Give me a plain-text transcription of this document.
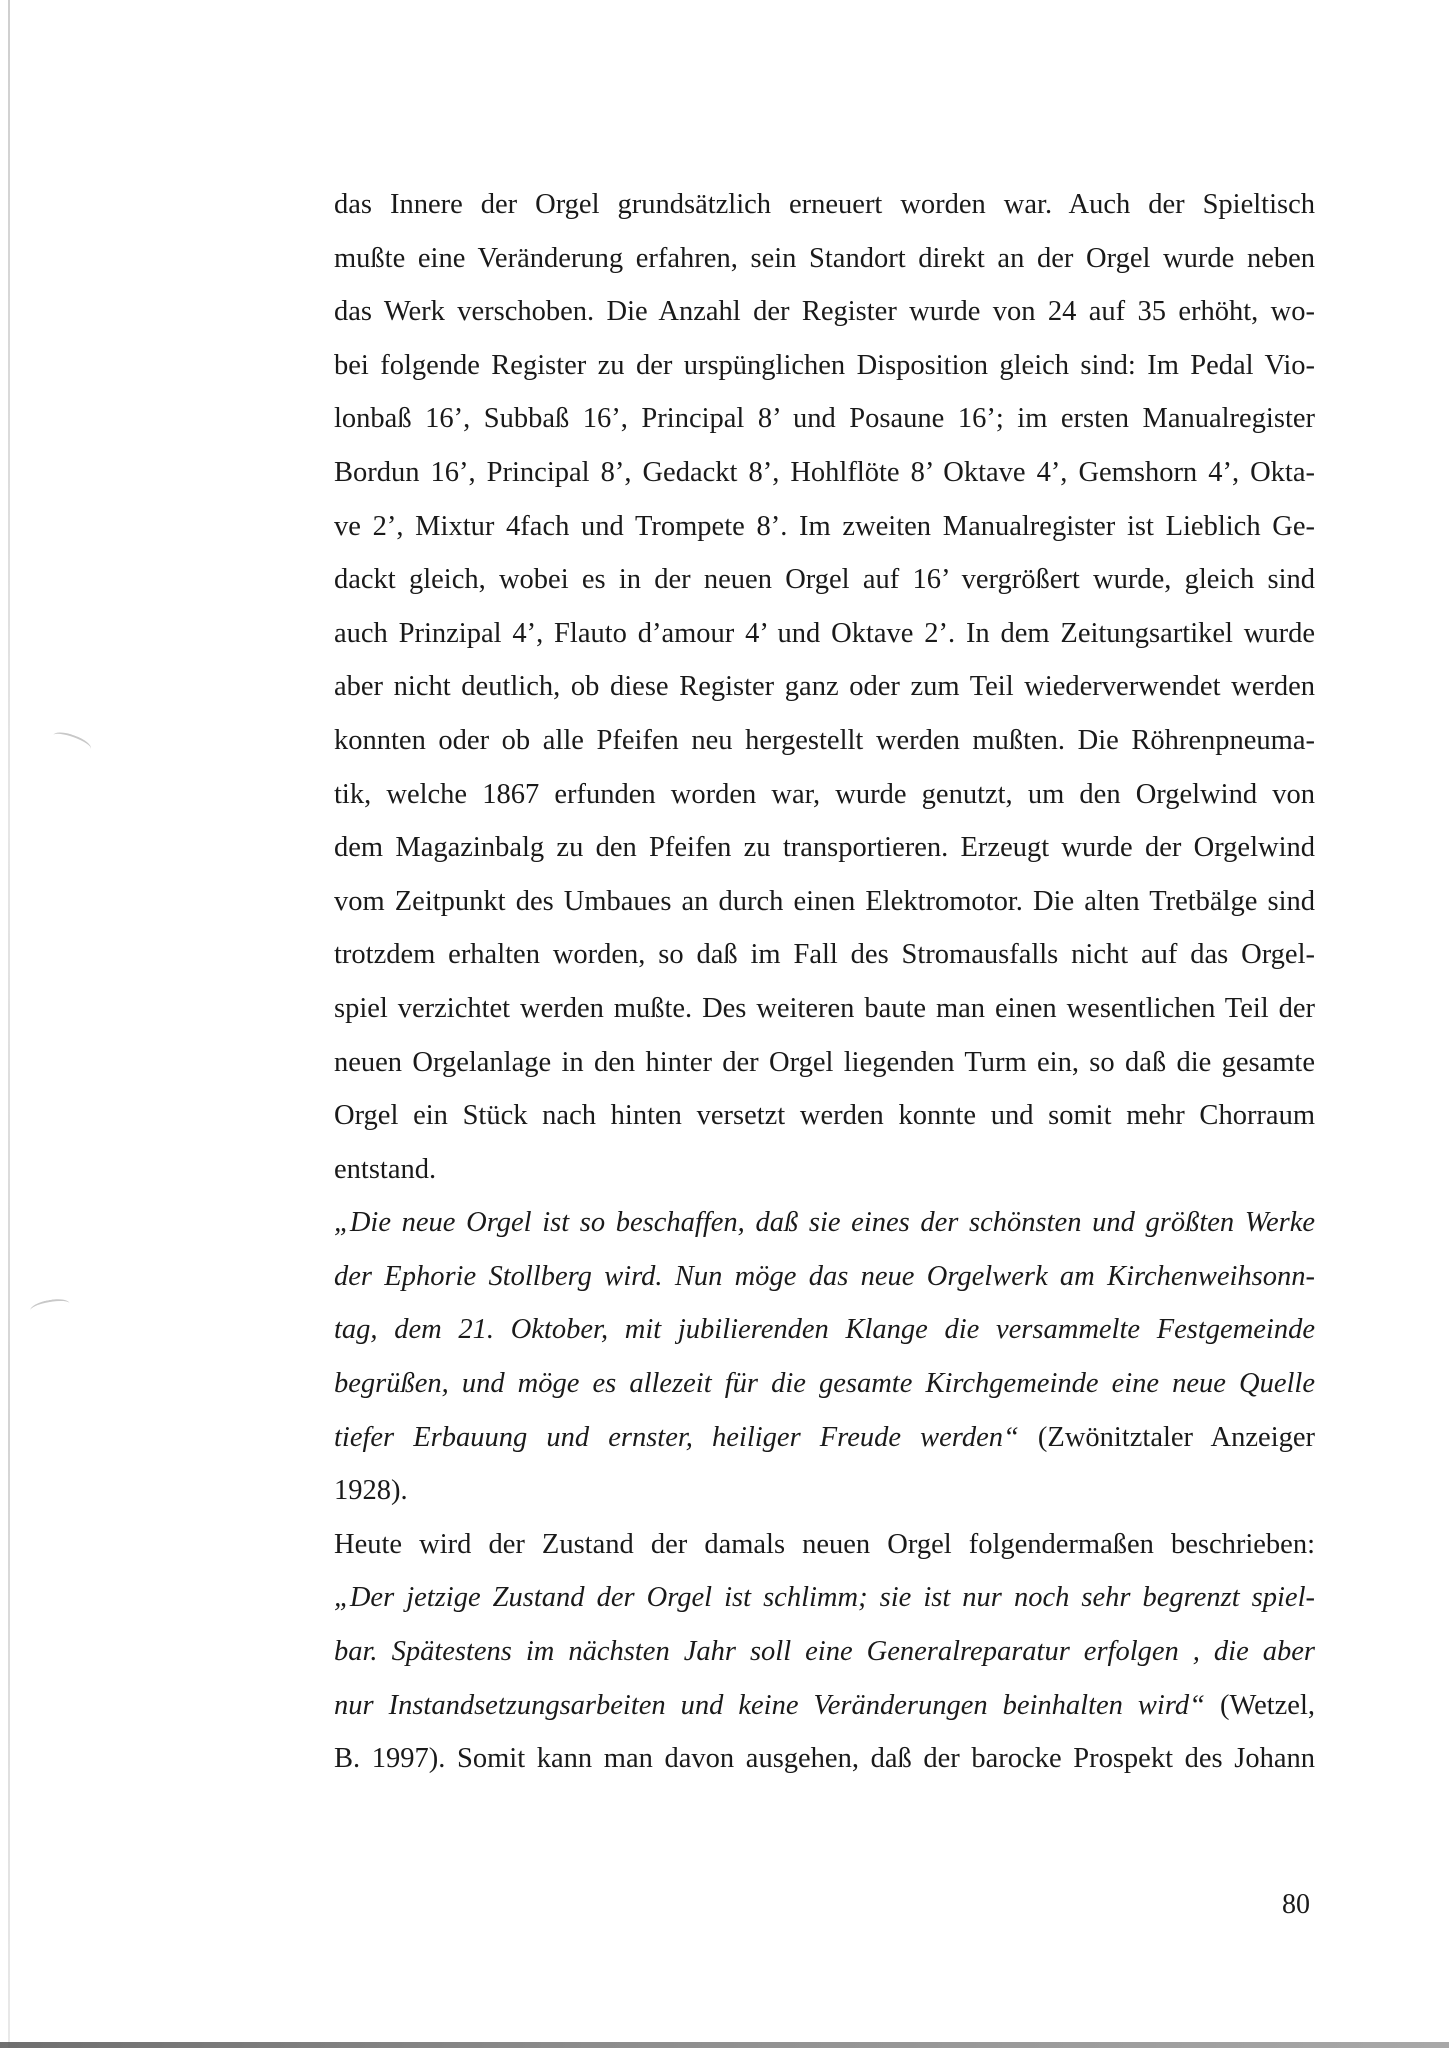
das Innere der Orgel grundsätzlich erneuert worden war. Auch der Spieltisch
mußte eine Veränderung erfahren, sein Standort direkt an der Orgel wurde neben
das Werk verschoben. Die Anzahl der Register wurde von 24 auf 35 erhöht, wo-
bei folgende Register zu der urspünglichen Disposition gleich sind: Im Pedal Vio-
lonbaß 16’, Subbaß 16’, Principal 8’ und Posaune 16’; im ersten Manualregister
Bordun 16’, Principal 8’, Gedackt 8’, Hohlflöte 8’ Oktave 4’, Gemshorn 4’, Okta-
ve 2’, Mixtur 4fach und Trompete 8’. Im zweiten Manualregister ist Lieblich Ge-
dackt gleich, wobei es in der neuen Orgel auf 16’ vergrößert wurde, gleich sind
auch Prinzipal 4’, Flauto d’amour 4’ und Oktave 2’. In dem Zeitungsartikel wurde
aber nicht deutlich, ob diese Register ganz oder zum Teil wiederverwendet werden
konnten oder ob alle Pfeifen neu hergestellt werden mußten. Die Röhrenpneuma-
tik, welche 1867 erfunden worden war, wurde genutzt, um den Orgelwind von
dem Magazinbalg zu den Pfeifen zu transportieren. Erzeugt wurde der Orgelwind
vom Zeitpunkt des Umbaues an durch einen Elektromotor. Die alten Tretbälge sind
trotzdem erhalten worden, so daß im Fall des Stromausfalls nicht auf das Orgel-
spiel verzichtet werden mußte. Des weiteren baute man einen wesentlichen Teil der
neuen Orgelanlage in den hinter der Orgel liegenden Turm ein, so daß die gesamte
Orgel ein Stück nach hinten versetzt werden konnte und somit mehr Chorraum
entstand.
„Die neue Orgel ist so beschaffen, daß sie eines der schönsten und größten Werke
der Ephorie Stollberg wird. Nun möge das neue Orgelwerk am Kirchenweihsonn-
tag, dem 21. Oktober, mit jubilierenden Klange die versammelte Festgemeinde
begrüßen, und möge es allezeit für die gesamte Kirchgemeinde eine neue Quelle
tiefer Erbauung und ernster, heiliger Freude werden“ (Zwönitztaler Anzeiger
1928).
Heute wird der Zustand der damals neuen Orgel folgendermaßen beschrieben:
„Der jetzige Zustand der Orgel ist schlimm; sie ist nur noch sehr begrenzt spiel-
bar. Spätestens im nächsten Jahr soll eine Generalreparatur erfolgen , die aber
nur Instandsetzungsarbeiten und keine Veränderungen beinhalten wird“ (Wetzel,
B. 1997). Somit kann man davon ausgehen, daß der barocke Prospekt des Johann
80
